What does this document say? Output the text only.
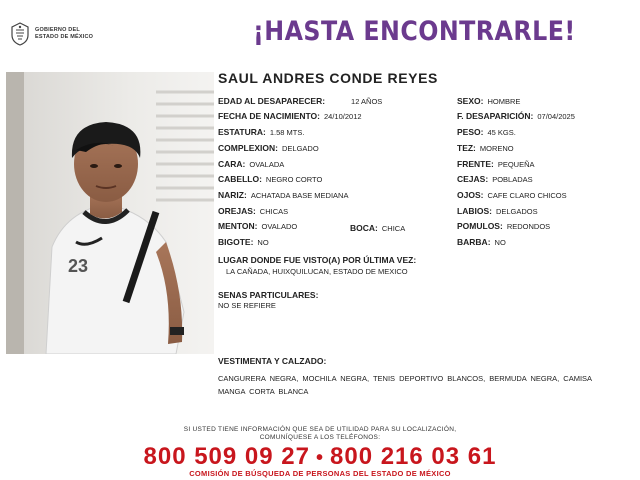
GOBIERNO DEL
ESTADO DE MÉXICO	¡HASTA ENCONTRARLE!
23
SAUL ANDRES CONDE REYES
EDAD AL DESAPARECER:	12 AÑOS
FECHA DE NACIMIENTO: 24/10/2012
ESTATURA: 1.58 MTS.
COMPLEXION: DELGADO
CARA: OVALADA
CABELLO: NEGRO CORTO
NARIZ: ACHATADA BASE MEDIANA
OREJAS: CHICAS
MENTON: OVALADO
BIGOTE: NO
BOCA: CHICA
SEXO: HOMBRE
F. DESAPARICIÓN: 07/04/2025
PESO: 45 KGS.
TEZ: MORENO
FRENTE: PEQUEÑA
CEJAS: POBLADAS
OJOS: CAFE CLARO CHICOS
LABIOS: DELGADOS
POMULOS: REDONDOS
BARBA: NO
LUGAR DONDE FUE VISTO(A) POR ÚLTIMA VEZ:
LA CAÑADA, HUIXQUILUCAN, ESTADO DE MEXICO
SENAS PARTICULARES:
NO SE REFIERE
VESTIMENTA Y CALZADO:
CANGURERA NEGRA, MOCHILA NEGRA, TENIS DEPORTIVO BLANCOS, BERMUDA NEGRA, CAMISA MANGA CORTA BLANCA
SI USTED TIENE INFORMACIÓN QUE SEA DE UTILIDAD PARA SU LOCALIZACIÓN,
COMUNÍQUESE A LOS TELÉFONOS:
800 509 09 27 • 800 216 03 61
COMISIÓN DE BÚSQUEDA DE PERSONAS DEL ESTADO DE MÉXICO
